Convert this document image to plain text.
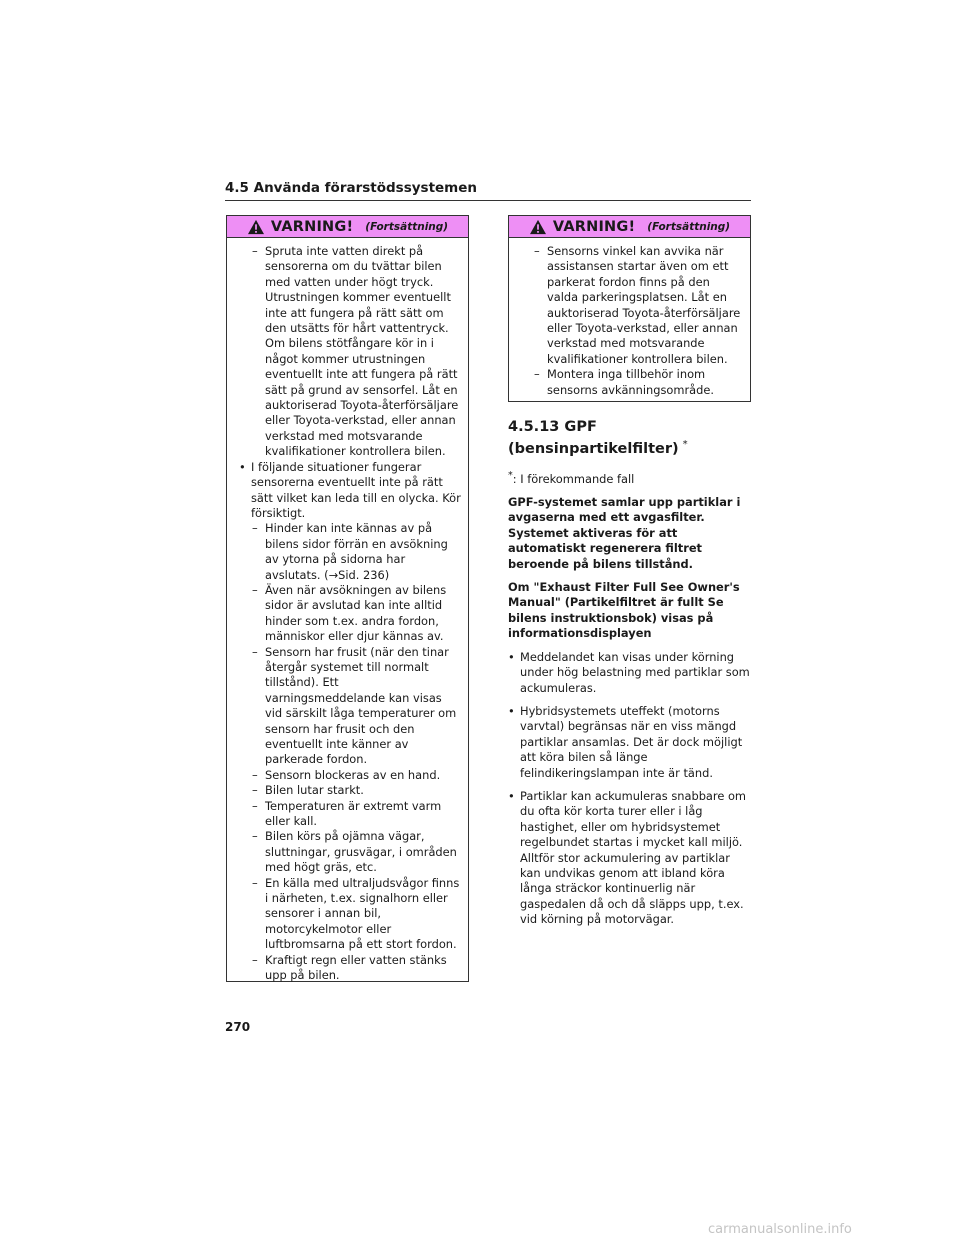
4.5 Använda förarstödssystemen
VARNING! (Fortsättning)
– Spruta inte vatten direkt på sensorerna om du tvättar bilen med vatten under högt tryck. Utrustningen kommer eventuellt inte att fungera på rätt sätt om den utsätts för hårt vattentryck. Om bilens stötfångare kör in i något kommer utrustningen eventuellt inte att fungera på rätt sätt på grund av sensorfel. Låt en auktoriserad Toyota-återförsäljare eller Toyota-verkstad, eller annan verkstad med motsvarande kvalifikationer kontrollera bilen.
• I följande situationer fungerar sensorerna eventuellt inte på rätt sätt vilket kan leda till en olycka. Kör försiktigt.
– Hinder kan inte kännas av på bilens sidor förrän en avsökning av ytorna på sidorna har avslutats. (→Sid. 236)
– Även när avsökningen av bilens sidor är avslutad kan inte alltid hinder som t.ex. andra fordon, människor eller djur kännas av.
– Sensorn har frusit (när den tinar återgår systemet till normalt tillstånd). Ett varningsmeddelande kan visas vid särskilt låga temperaturer om sensorn har frusit och den eventuellt inte känner av parkerade fordon.
– Sensorn blockeras av en hand.
– Bilen lutar starkt.
– Temperaturen är extremt varm eller kall.
– Bilen körs på ojämna vägar, sluttningar, grusvägar, i områden med högt gräs, etc.
– En källa med ultraljudsvågor finns i närheten, t.ex. signalhorn eller sensorer i annan bil, motorcykelmotor eller luftbromsarna på ett stort fordon.
– Kraftigt regn eller vatten stänks upp på bilen.
VARNING! (Fortsättning)
– Sensorns vinkel kan avvika när assistansen startar även om ett parkerat fordon finns på den valda parkeringsplatsen. Låt en auktoriserad Toyota-återförsäljare eller Toyota-verkstad, eller annan verkstad med motsvarande kvalifikationer kontrollera bilen.
– Montera inga tillbehör inom sensorns avkänningsområde.
4.5.13 GPF (bensinpartikelfilter) *
*: I förekommande fall
GPF-systemet samlar upp partiklar i avgaserna med ett avgasfilter. Systemet aktiveras för att automatiskt regenerera filtret beroende på bilens tillstånd.
Om "Exhaust Filter Full See Owner's Manual" (Partikelfiltret är fullt Se bilens instruktionsbok) visas på informationsdisplayen
• Meddelandet kan visas under körning under hög belastning med partiklar som ackumuleras.
• Hybridsystemets uteffekt (motorns varvtal) begränsas när en viss mängd partiklar ansamlas. Det är dock möjligt att köra bilen så länge felindikeringslampan inte är tänd.
• Partiklar kan ackumuleras snabbare om du ofta kör korta turer eller i låg hastighet, eller om hybridsystemet regelbundet startas i mycket kall miljö. Alltför stor ackumulering av partiklar kan undvikas genom att ibland köra långa sträckor kontinuerlig när gaspedalen då och då släpps upp, t.ex. vid körning på motorvägar.
270
carmanualsonline.info
